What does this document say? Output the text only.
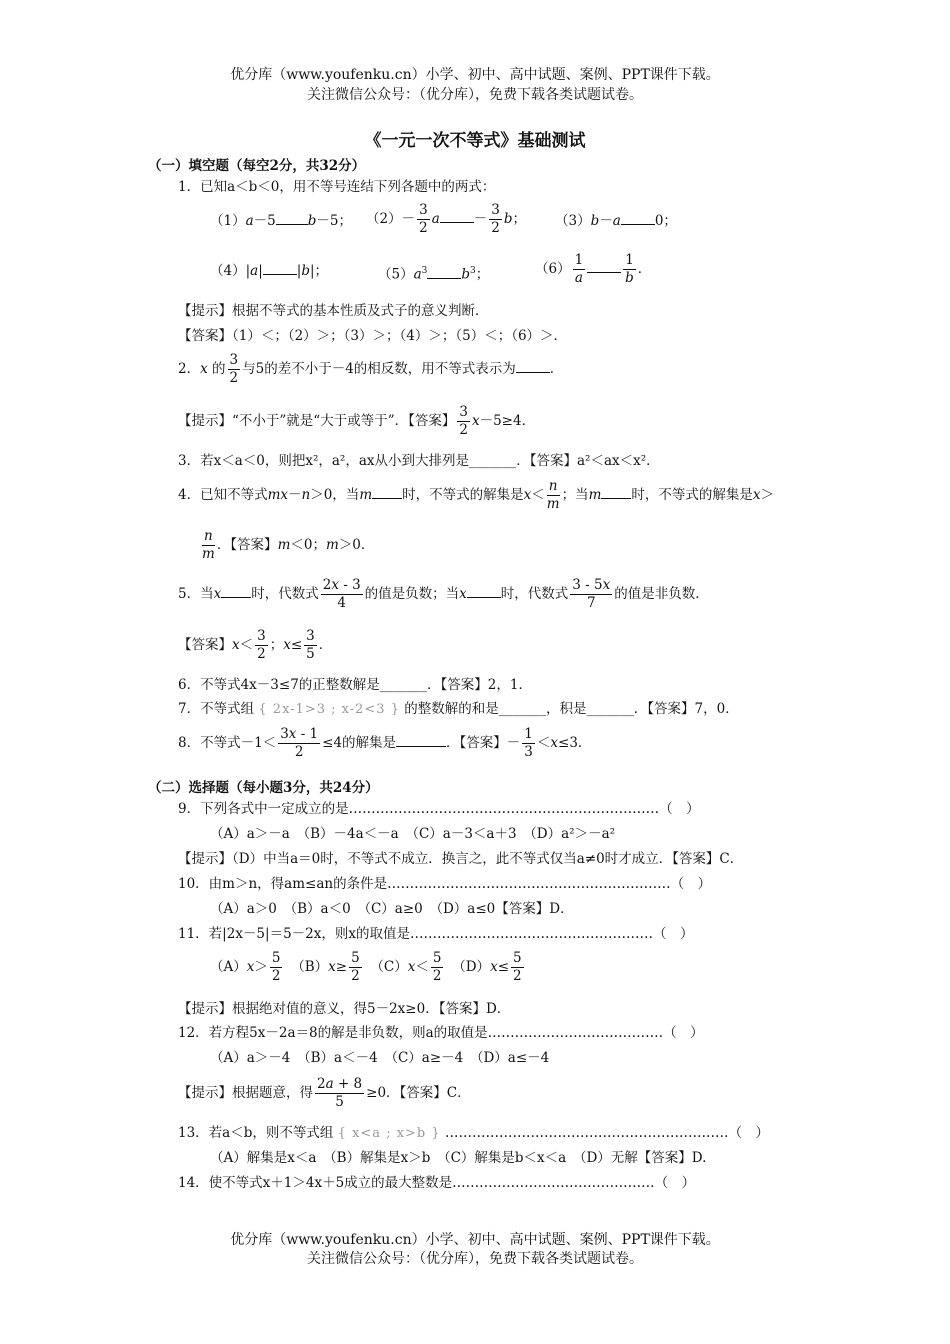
优分库（www.youfenku.cn）小学、初中、高中试题、案例、PPT课件下载。
关注微信公众号：（优分库），免费下载各类试题试卷。
《一元一次不等式》基础测试
（一）填空题（每空2分，共32分）
1．已知a＜b＜0，用不等号连结下列各题中的两式：
（1）a－5 b－5； $(2)- \frac{3}{2}$ a	－ $\frac{3}{2}$ b； （3）b－a	0；
（4）|a|	|b|；	$(5)a^3$	$b^3$；	$(6) \frac{1}{a}$	$\frac{1}{b}$ ．
【提示】根据不等式的基本性质及式子的意义判断．
【答案】（1）＜；（2）＞；（3）＞；（4）＞；（5）＜；（6）＞．
2．x 的 $\frac{3}{2}$ 与5的差不小于－4的相反数，用不等式表示为	．
【提示】“不小于”就是“大于或等于”．【答案】 $\frac{3}{2} x-5\ge 4$．
3．若x＜a＜0，则把x²，a²，ax从小到大排列是_______．【答案】a²＜ax＜x²．
4．已知不等式mx－n＞0，当m 时，不等式的解集是$x< \frac{n}{m}$ ；当m 时，不等式的解集是x＞
$\frac{n}{m}$ ．【答案】m＜0；m＞0．
5．当x 时，代数式 $\frac{2x - 3}{4}$ 的值是负数；当x	时，代数式 $\frac{3 - 5x}{7}$ 的值是非负数．
【答案】$x< \frac{3}{2}$ ；$x\le \frac{3}{5}$ ．
6．不等式4x－3≤7的正整数解是_______．【答案】2，1．
7．不等式组 { 2x-1>3 ; x-2<3 } 的整数解的和是_______，积是_______．【答案】7，0．
8．不等式$-1< \frac{3x - 1}{2} \le 4$的解集是	．【答案】－ $\frac{1}{3} <x\le 3$．
（二）选择题（每小题3分，共24分）
9．下列各式中一定成立的是……………………………………………………………（　）
（A）a＞－a　（B）－4a＜－a　（C）a－3＜a＋3　（D）a²＞－a²
【提示】（D）中当a＝0时，不等式不成立．换言之，此不等式仅当a≠0时才成立．【答案】C．
10．由m＞n，得am≤an的条件是………………………………………………………（　）
（A）a＞0　（B）a＜0　（C）a≥0　（D）a≤0【答案】D．
11．若|2x－5|＝5－2x，则x的取值是………………………………………………（　）
$(A)x> \frac{5}{2}$ 　$(B)x\ge \frac{5}{2}$ 　$(C)x< \frac{5}{2}$ 　$(D)x\le \frac{5}{2}$
【提示】根据绝对值的意义，得5－2x≥0．【答案】D．
12．若方程5x－2a＝8的解是非负数，则a的取值是…………………………………（　）
（A）a＞－4　（B）a＜－4　（C）a≥－4　（D）a≤－4
【提示】根据题意，得 $\frac{2a + 8}{5} \ge 0$．【答案】C．
13．若a＜b，则不等式组 { x<a ; x>b } ………………………………………………………（　）
（A）解集是x＜a　（B）解集是x＞b　（C）解集是b＜x＜a　（D）无解【答案】D.
14．使不等式x＋1＞4x＋5成立的最大整数是………………………………………（　）
优分库（www.youfenku.cn）小学、初中、高中试题、案例、PPT课件下载。
关注微信公众号：（优分库），免费下载各类试题试卷。
